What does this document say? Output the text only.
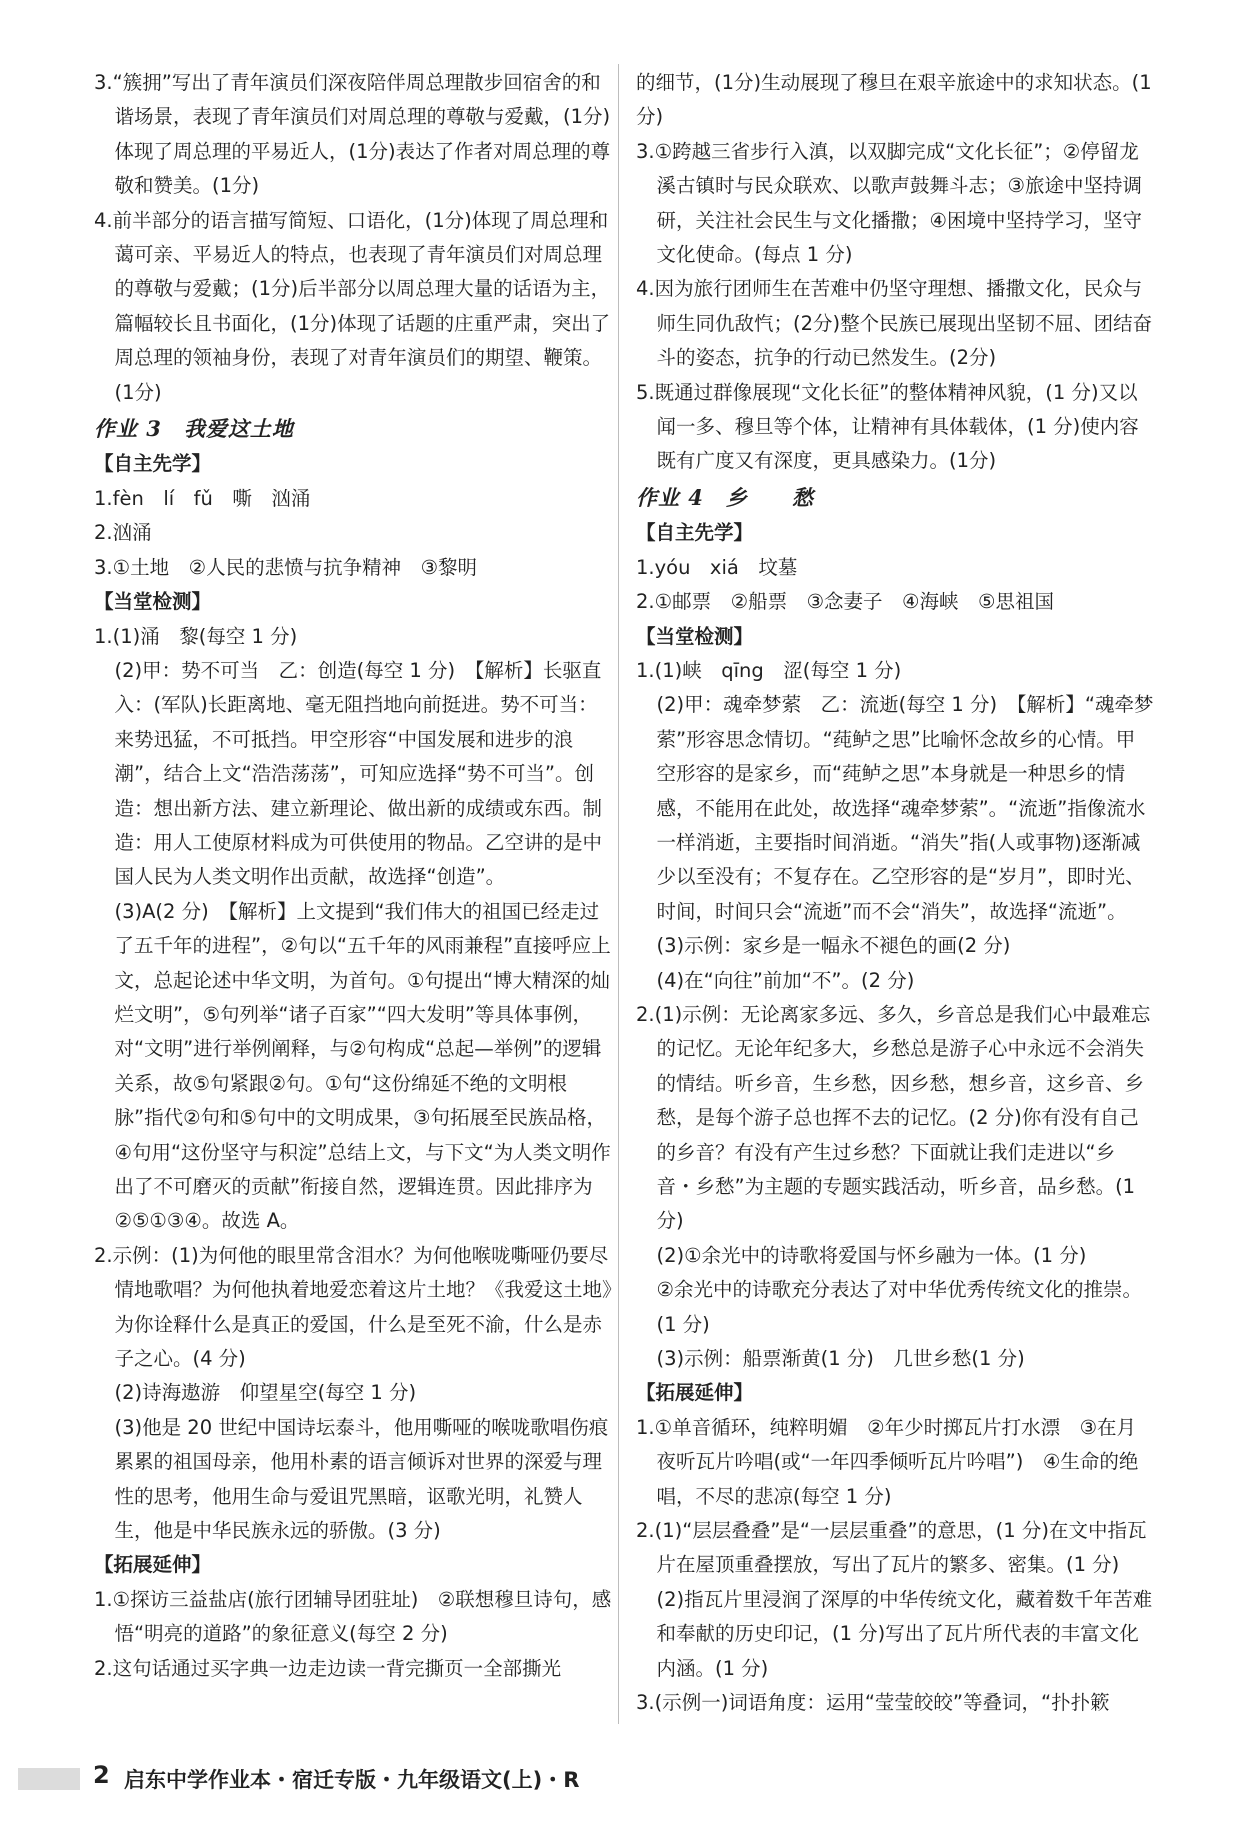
3.“簇拥”写出了青年演员们深夜陪伴周总理散步回宿舍的和谐场景，表现了青年演员们对周总理的尊敬与爱戴，(1分)体现了周总理的平易近人，(1分)表达了作者对周总理的尊敬和赞美。(1分)

4.前半部分的语言描写简短、口语化，(1分)体现了周总理和蔼可亲、平易近人的特点，也表现了青年演员们对周总理的尊敬与爱戴；(1分)后半部分以周总理大量的话语为主，篇幅较长且书面化，(1分)体现了话题的庄重严肃，突出了周总理的领袖身份，表现了对青年演员们的期望、鞭策。(1分)

作业 3　我爱这土地

【自主先学】

1.fèn　lí　fǔ　嘶　汹涌

2.汹涌

3.①土地　②人民的悲愤与抗争精神　③黎明

【当堂检测】

1.(1)涌　黎(每空 1 分)

(2)甲：势不可当　乙：创造(每空 1 分)　【解析】长驱直入：(军队)长距离地、毫无阻挡地向前挺进。势不可当：来势迅猛，不可抵挡。甲空形容“中国发展和进步的浪潮”，结合上文“浩浩荡荡”，可知应选择“势不可当”。创造：想出新方法、建立新理论、做出新的成绩或东西。制造：用人工使原材料成为可供使用的物品。乙空讲的是中国人民为人类文明作出贡献，故选择“创造”。

(3)A(2 分)　【解析】上文提到“我们伟大的祖国已经走过了五千年的进程”，②句以“五千年的风雨兼程”直接呼应上文，总起论述中华文明，为首句。①句提出“博大精深的灿烂文明”，⑤句列举“诸子百家”“四大发明”等具体事例，对“文明”进行举例阐释，与②句构成“总起—举例”的逻辑关系，故⑤句紧跟②句。①句“这份绵延不绝的文明根脉”指代②句和⑤句中的文明成果，③句拓展至民族品格，④句用“这份坚守与积淀”总结上文，与下文“为人类文明作出了不可磨灭的贡献”衔接自然，逻辑连贯。因此排序为②⑤①③④。故选 A。

2.示例：(1)为何他的眼里常含泪水？为何他喉咙嘶哑仍要尽情地歌唱？为何他执着地爱恋着这片土地？《我爱这土地》为你诠释什么是真正的爱国，什么是至死不渝，什么是赤子之心。(4 分)

(2)诗海遨游　仰望星空(每空 1 分)

(3)他是 20 世纪中国诗坛泰斗，他用嘶哑的喉咙歌唱伤痕累累的祖国母亲，他用朴素的语言倾诉对世界的深爱与理性的思考，他用生命与爱诅咒黑暗，讴歌光明，礼赞人生，他是中华民族永远的骄傲。(3 分)

【拓展延伸】

1.①探访三益盐店(旅行团辅导团驻址)　②联想穆旦诗句，感悟“明亮的道路”的象征意义(每空 2 分)

2.这句话通过买字典一边走边读一背完撕页一全部撕光

的细节，(1分)生动展现了穆旦在艰辛旅途中的求知状态。(1分)

3.①跨越三省步行入滇，以双脚完成“文化长征”；②停留龙溪古镇时与民众联欢、以歌声鼓舞斗志；③旅途中坚持调研，关注社会民生与文化播撒；④困境中坚持学习，坚守文化使命。(每点 1 分)

4.因为旅行团师生在苦难中仍坚守理想、播撒文化，民众与师生同仇敌忾；(2分)整个民族已展现出坚韧不屈、团结奋斗的姿态，抗争的行动已然发生。(2分)

5.既通过群像展现“文化长征”的整体精神风貌，(1 分)又以闻一多、穆旦等个体，让精神有具体载体，(1 分)使内容既有广度又有深度，更具感染力。(1分)

作业 4　乡　　愁

【自主先学】

1.yóu　xiá　坟墓

2.①邮票　②船票　③念妻子　④海峡　⑤思祖国

【当堂检测】

1.(1)峡　qīng　涩(每空 1 分)

(2)甲：魂牵梦萦　乙：流逝(每空 1 分)　【解析】“魂牵梦萦”形容思念情切。“莼鲈之思”比喻怀念故乡的心情。甲空形容的是家乡，而“莼鲈之思”本身就是一种思乡的情感，不能用在此处，故选择“魂牵梦萦”。“流逝”指像流水一样消逝，主要指时间消逝。“消失”指(人或事物)逐渐减少以至没有；不复存在。乙空形容的是“岁月”，即时光、时间，时间只会“流逝”而不会“消失”，故选择“流逝”。

(3)示例：家乡是一幅永不褪色的画(2 分)

(4)在“向往”前加“不”。(2 分)

2.(1)示例：无论离家多远、多久，乡音总是我们心中最难忘的记忆。无论年纪多大，乡愁总是游子心中永远不会消失的情结。听乡音，生乡愁，因乡愁，想乡音，这乡音、乡愁，是每个游子总也挥不去的记忆。(2 分)你有没有自己的乡音？有没有产生过乡愁？下面就让我们走进以“乡音・乡愁”为主题的专题实践活动，听乡音，品乡愁。(1 分)

(2)①余光中的诗歌将爱国与怀乡融为一体。(1 分)

②余光中的诗歌充分表达了对中华优秀传统文化的推崇。(1 分)

(3)示例：船票渐黄(1 分)　几世乡愁(1 分)

【拓展延伸】

1.①单音循环，纯粹明媚　②年少时掷瓦片打水漂　③在月夜听瓦片吟唱(或“一年四季倾听瓦片吟唱”)　④生命的绝唱，不尽的悲凉(每空 1 分)

2.(1)“层层叠叠”是“一层层重叠”的意思，(1 分)在文中指瓦片在屋顶重叠摆放，写出了瓦片的繁多、密集。(1 分)

(2)指瓦片里浸润了深厚的中华传统文化，藏着数千年苦难和奉献的历史印记，(1 分)写出了瓦片所代表的丰富文化内涵。(1 分)

3.(示例一)词语角度：运用“莹莹皎皎”等叠词，“扑扑簌

2 启东中学作业本・宿迁专版・九年级语文(上)・R
